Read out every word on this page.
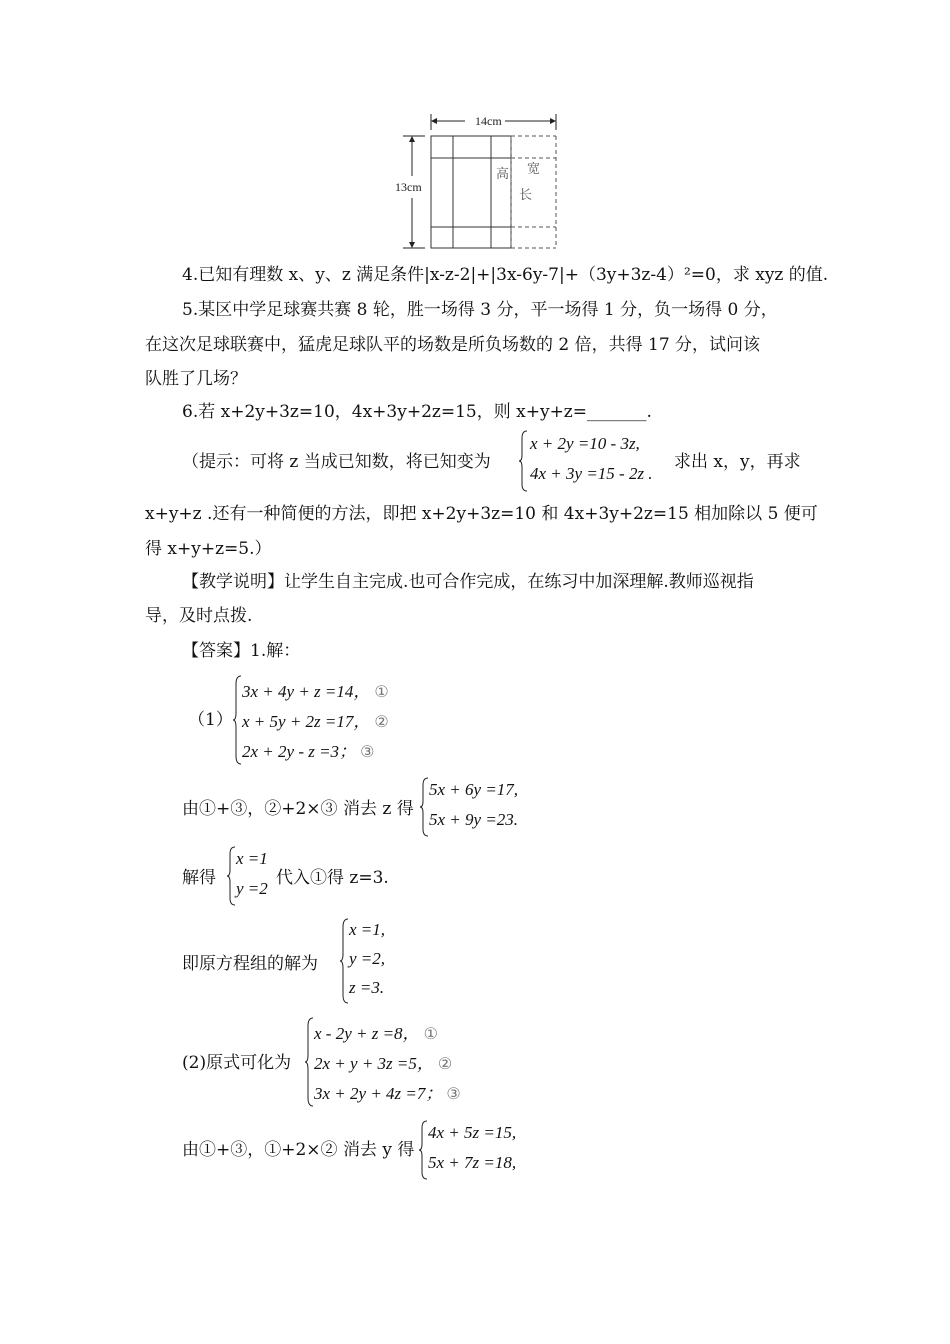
14cm
13cm
高 宽
长
4.已知有理数 x、y、z 满足条件|x-z-2|+|3x-6y-7|+（3y+3z-4）²=0，求 xyz 的值.
5.某区中学足球赛共赛 8 轮，胜一场得 3 分，平一场得 1 分，负一场得 0 分，
在这次足球联赛中，猛虎足球队平的场数是所负场数的 2 倍，共得 17 分，试问该
队胜了几场？
6.若 x+2y+3z=10，4x+3y+2z=15，则 x+y+z=_______.
（提示：可将 z 当成已知数，将已知变为
x + 2y =10 - 3z,
4x + 3y =15 - 2z .
求出 x，y，再求
x+y+z .还有一种简便的方法，即把 x+2y+3z=10 和 4x+3y+2z=15 相加除以 5 便可
得 x+y+z=5.）
【教学说明】让学生自主完成.也可合作完成，在练习中加深理解.教师巡视指
导，及时点拨.
【答案】1.解：
（1）
3x + 4y + z =14， ①
x + 5y + 2z =17， ②
2x + 2y - z =3； ③
由①+③，②+2×③ 消去 z 得
5x + 6y =17,
5x + 9y =23.
解得
x =1
y =2
代入①得 z=3.
即原方程组的解为
x =1,
y =2,
z =3.
(2)原式可化为
x - 2y + z =8， ①
2x + y + 3z =5， ②
3x + 2y + 4z =7； ③
由①+③，①+2×② 消去 y 得
4x + 5z =15,
5x + 7z =18,
